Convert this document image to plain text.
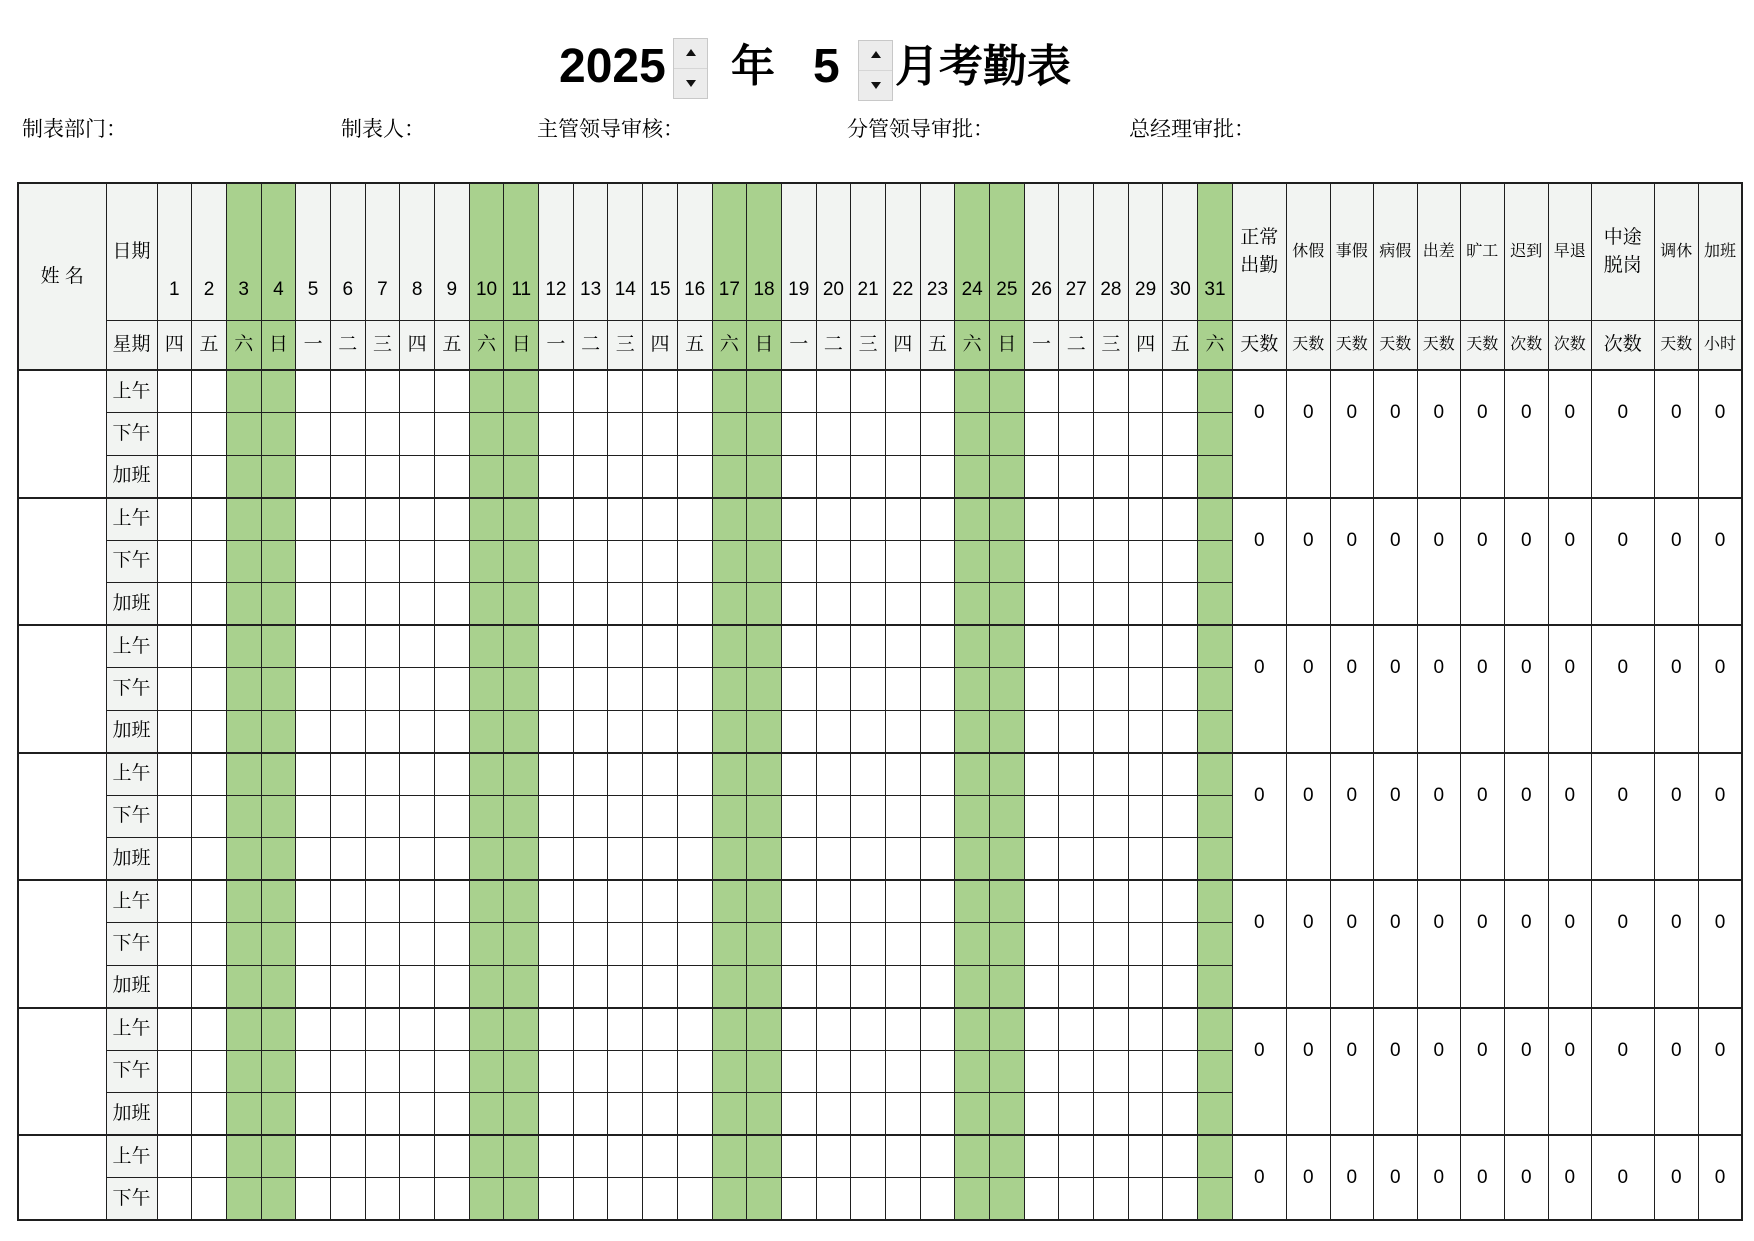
2025 年 5 月考勤表
制表部门：	制表人：	主管领导审核：	分管领导审批：	总经理审批：
姓 名	日期	1	2	3	4	5	6	7	8	9	10	11	12	13	14	15	16	17	18	19	20	21	22	23	24	25	26	27	28	29	30	31	正常出勤	休假	事假	病假	出差	旷工	迟到	早退	中途脱岗	调休	加班
	星期	四	五	六	日	一	二	三	四	五	六	日	一	二	三	四	五	六	日	一	二	三	四	五	六	日	一	二	三	四	五	六	天数	天数	天数	天数	天数	天数	次数	次数	次数	天数	小时
	上午																																0	0	0	0	0	0	0	0	0	0	0
	下午																																										
	加班																																										
	上午																																0	0	0	0	0	0	0	0	0	0	0
	下午																																										
	加班																																										
	上午																																0	0	0	0	0	0	0	0	0	0	0
	下午																																										
	加班																																										
	上午																																0	0	0	0	0	0	0	0	0	0	0
	下午																																										
	加班																																										
	上午																																0	0	0	0	0	0	0	0	0	0	0
	下午																																										
	加班																																										
	上午																																0	0	0	0	0	0	0	0	0	0	0
	下午																																										
	加班																																										
	上午																																0	0	0	0	0	0	0	0	0	0	0
	下午																																										
